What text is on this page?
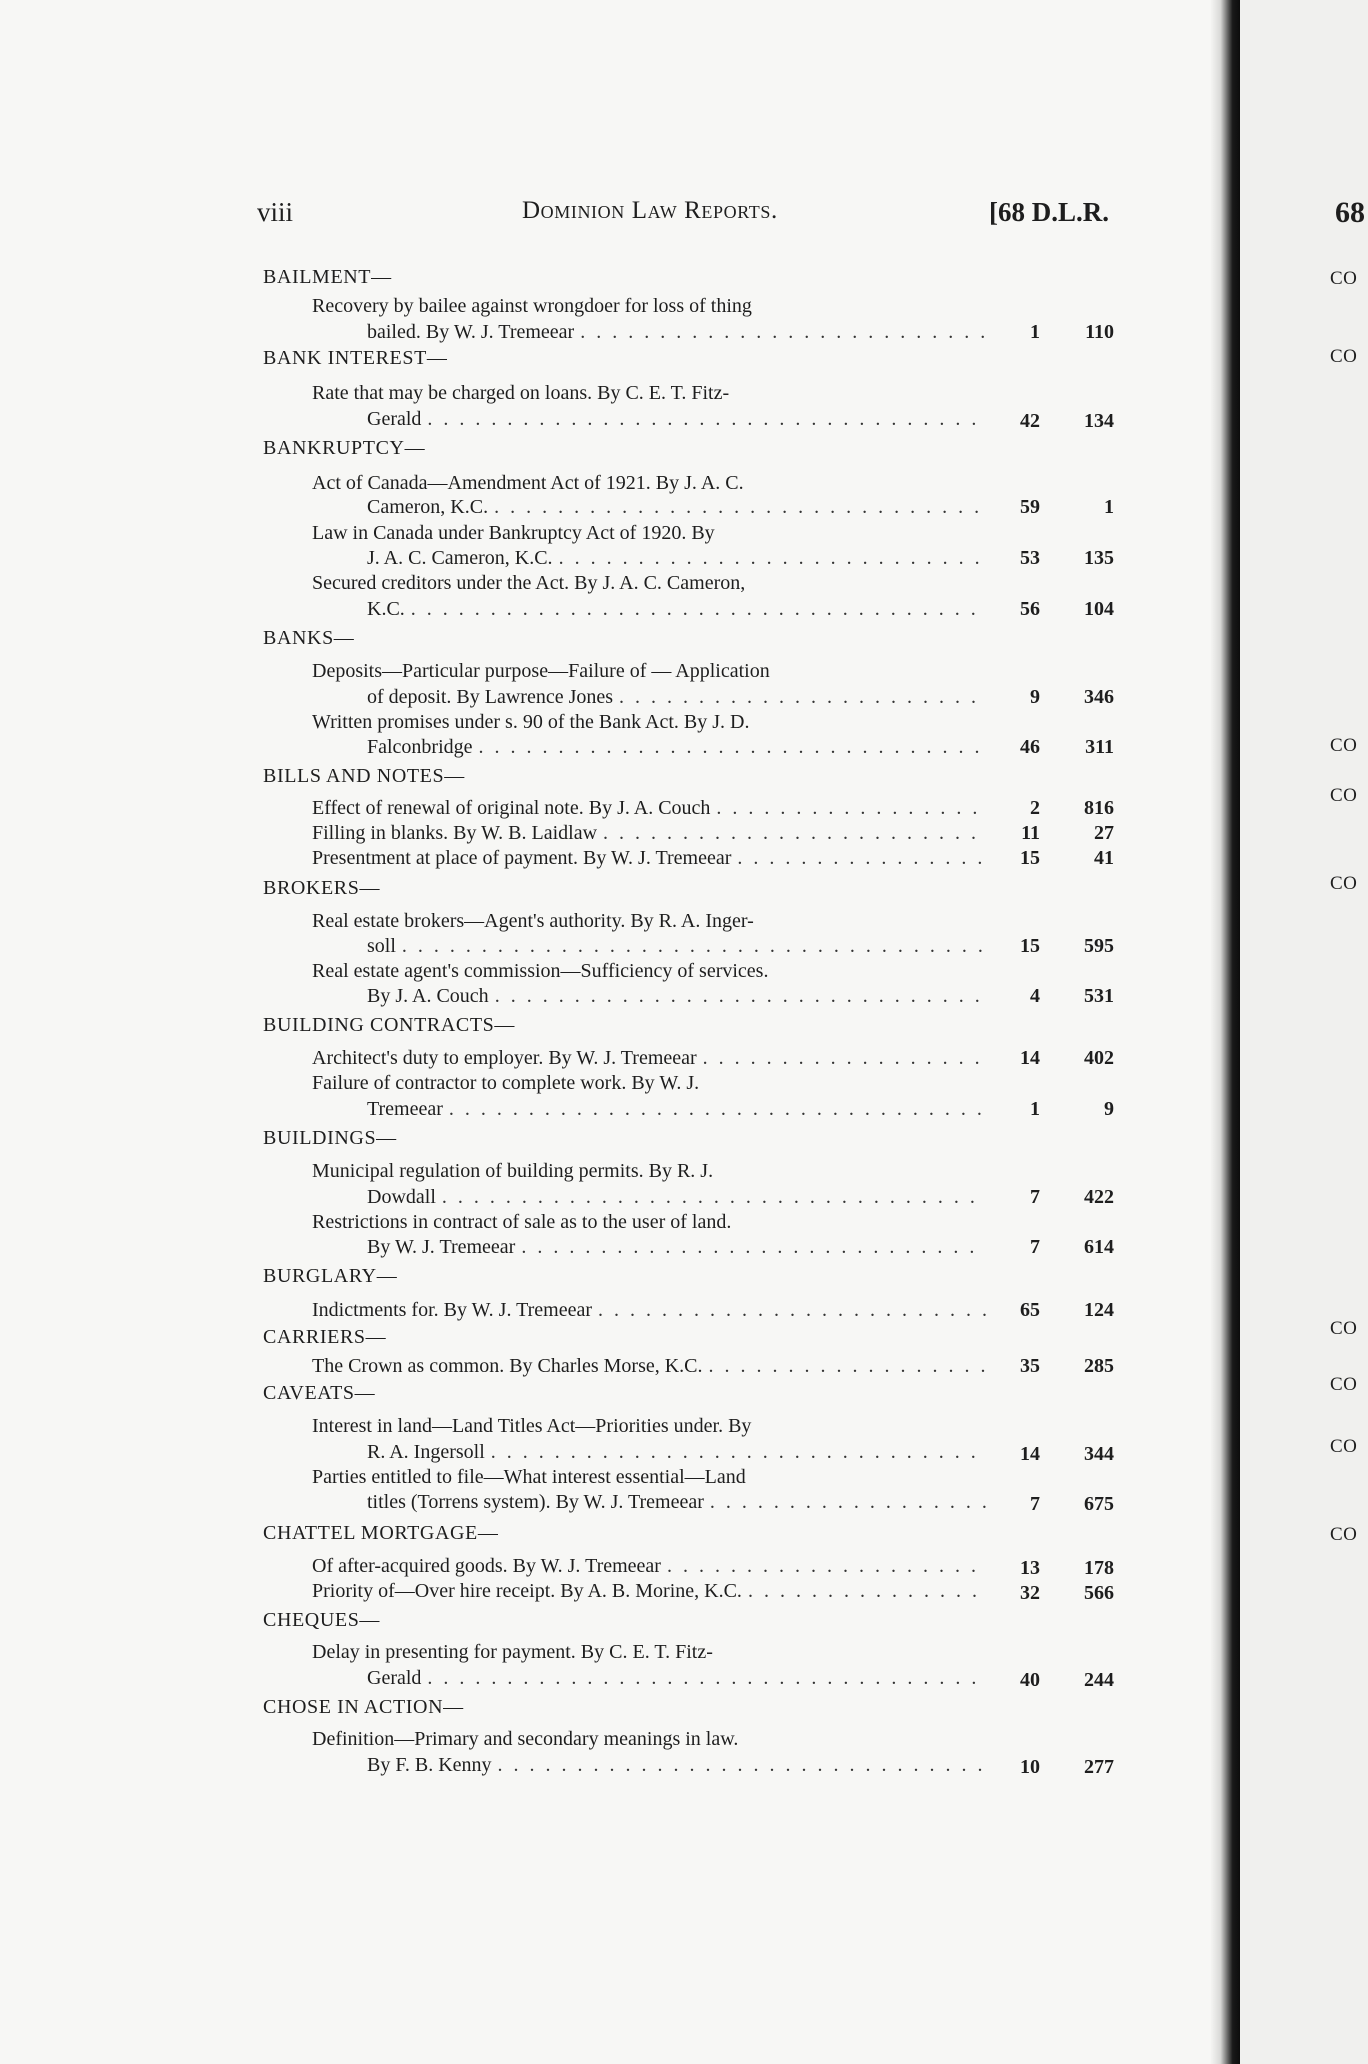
viii	Dominion Law Reports.	[68 D.L.R.
BAILMENT—
Recovery by bailee against wrongdoer for loss of thing
bailed. By W. J. Tremeear . . .	1	110
BANK INTEREST—
Rate that may be charged on loans. By C. E. T. Fitz-
Gerald . . .	42	134
BANKRUPTCY—
Act of Canada—Amendment Act of 1921. By J. A. C.
Cameron, K.C. . . .	59	1
Law in Canada under Bankruptcy Act of 1920. By
J. A. C. Cameron, K.C. . . .	53	135
Secured creditors under the Act. By J. A. C. Cameron,
K.C. . . .	56	104
BANKS—
Deposits—Particular purpose—Failure of — Application
of deposit. By Lawrence Jones . . .	9	346
Written promises under s. 90 of the Bank Act. By J. D.
Falconbridge . . .	46	311
BILLS AND NOTES—
Effect of renewal of original note. By J. A. Couch . . .	2	816
Filling in blanks. By W. B. Laidlaw . . .	11	27
Presentment at place of payment. By W. J. Tremeear . . .	15	41
BROKERS—
Real estate brokers—Agent's authority. By R. A. Inger-
soll . . .	15	595
Real estate agent's commission—Sufficiency of services.
By J. A. Couch . . .	4	531
BUILDING CONTRACTS—
Architect's duty to employer. By W. J. Tremeear . . .	14	402
Failure of contractor to complete work. By W. J.
Tremeear . . .	1	9
BUILDINGS—
Municipal regulation of building permits. By R. J.
Dowdall . . .	7	422
Restrictions in contract of sale as to the user of land.
By W. J. Tremeear . . .	7	614
BURGLARY—
Indictments for. By W. J. Tremeear . . .	65	124
CARRIERS—
The Crown as common. By Charles Morse, K.C. . . .	35	285
CAVEATS—
Interest in land—Land Titles Act—Priorities under. By
R. A. Ingersoll . . .	14	344
Parties entitled to file—What interest essential—Land
titles (Torrens system). By W. J. Tremeear . . .	7	675
CHATTEL MORTGAGE—
Of after-acquired goods. By W. J. Tremeear . . .	13	178
Priority of—Over hire receipt. By A. B. Morine, K.C. . . .	32	566
CHEQUES—
Delay in presenting for payment. By C. E. T. Fitz-
Gerald . . .	40	244
CHOSE IN ACTION—
Definition—Primary and secondary meanings in law.
By F. B. Kenny . . .	10	277
68
CO
CO
CO
CO
CO
CO
CO
CO
CO
